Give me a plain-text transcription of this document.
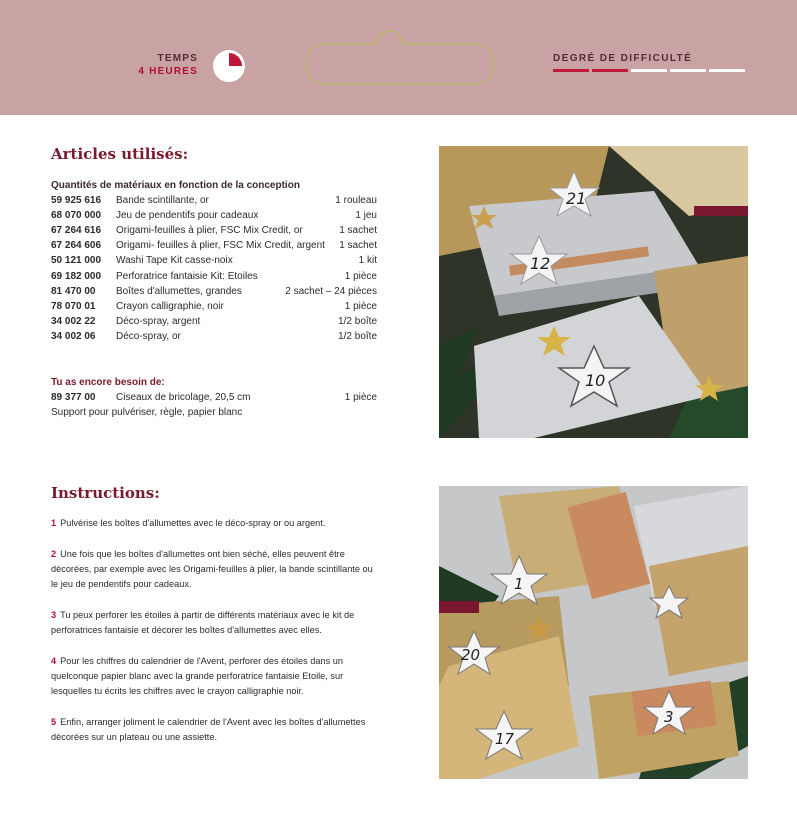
TEMPS
4 HEURES
DEGRÉ DE DIFFICULTÉ
Articles utilisés:
Quantités de matériaux en fonction de la conception
59 925 616	Bande scintillante, or	1 rouleau
68 070 000	Jeu de pendentifs pour cadeaux	1 jeu
67 264 616	Origami-feuilles à plier, FSC Mix Credit, or	1 sachet
67 264 606	Origami- feuilles à plier, FSC Mix Credit, argent	1 sachet
50 121 000	Washi Tape Kit casse-noix	1 kit
69 182 000	Perforatrice fantaisie Kit: Etoiles	1 pièce
81 470 00	Boîtes d'allumettes, grandes	2 sachet – 24 pièces
78 070 01	Crayon calligraphie, noir	1 pièce
34 002 22	Déco-spray, argent	1/2 boîte
34 002 06	Déco-spray, or	1/2 boîte
Tu as encore besoin de:
89 377 00	Ciseaux de bricolage, 20,5 cm	1 pièce
Support pour pulvériser, règle, papier blanc
Instructions:

1 Pulvérise les boîtes d'allumettes avec le déco-spray or ou argent.

2 Une fois que les boîtes d'allumettes ont bien séché, elles peuvent être décorées, par exemple avec les Origami-feuilles à plier, la bande scintillante ou le jeu de pendentifs pour cadeaux.

3 Tu peux perforer les étoiles à partir de différents matériaux avec le kit de perforatrices fantaisie et décorer les boîtes d'allumettes avec elles.

4 Pour les chiffres du calendrier de l'Avent, perforer des étoiles dans un quelconque papier blanc avec la grande perforatrice fantaisie Etoile, sur lesquelles tu écrits les chiffres avec le crayon calligraphie noir.

5 Enfin, arranger joliment le calendrier de l'Avent avec les boîtes d'allumettes décorées sur un plateau ou une assiette.

21
12
10
1
20
17
3
